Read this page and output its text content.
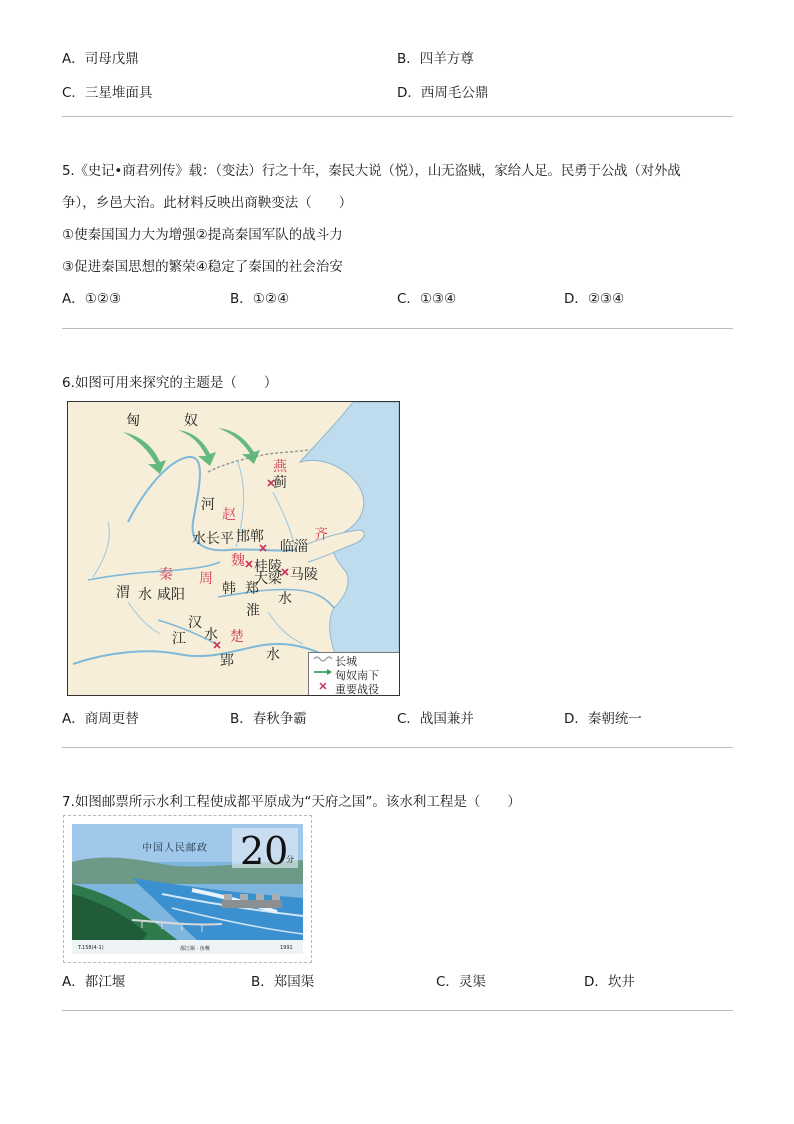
A．司母戊鼎	B．四羊方尊
C．三星堆面具	D．西周毛公鼎
5.《史记•商君列传》载：（变法）行之十年，秦民大说（悦），山无盗贼，家给人足。民勇于公战（对外战
争），乡邑大治。此材料反映出商鞅变法（　　）
①使秦国国力大为增强②提高秦国军队的战斗力
③促进秦国思想的繁荣④稳定了秦国的社会治安
A．①②③	B．①②④	C．①③④	D．②③④
6.如图可用来探究的主题是（　　）
匈	奴
燕
蓟
河
赵
水 长平 邯郸	齐
临淄
魏 桂陵
大梁 马陵
秦 周
渭 水 咸阳	韩 郑
淮
水
汉
江 水 楚
郢 水	长城
匈奴南下
重要战役
A．商周更替	B．春秋争霸	C．战国兼并	D．秦朝统一
7.如图邮票所示水利工程使成都平原成为“天府之国”。该水利工程是（　　）
中国人民邮政 20
分
T.158(4-1)	都江堰 · 鱼嘴	1991
A．都江堰	B．郑国渠	C．灵渠	D．坎井
